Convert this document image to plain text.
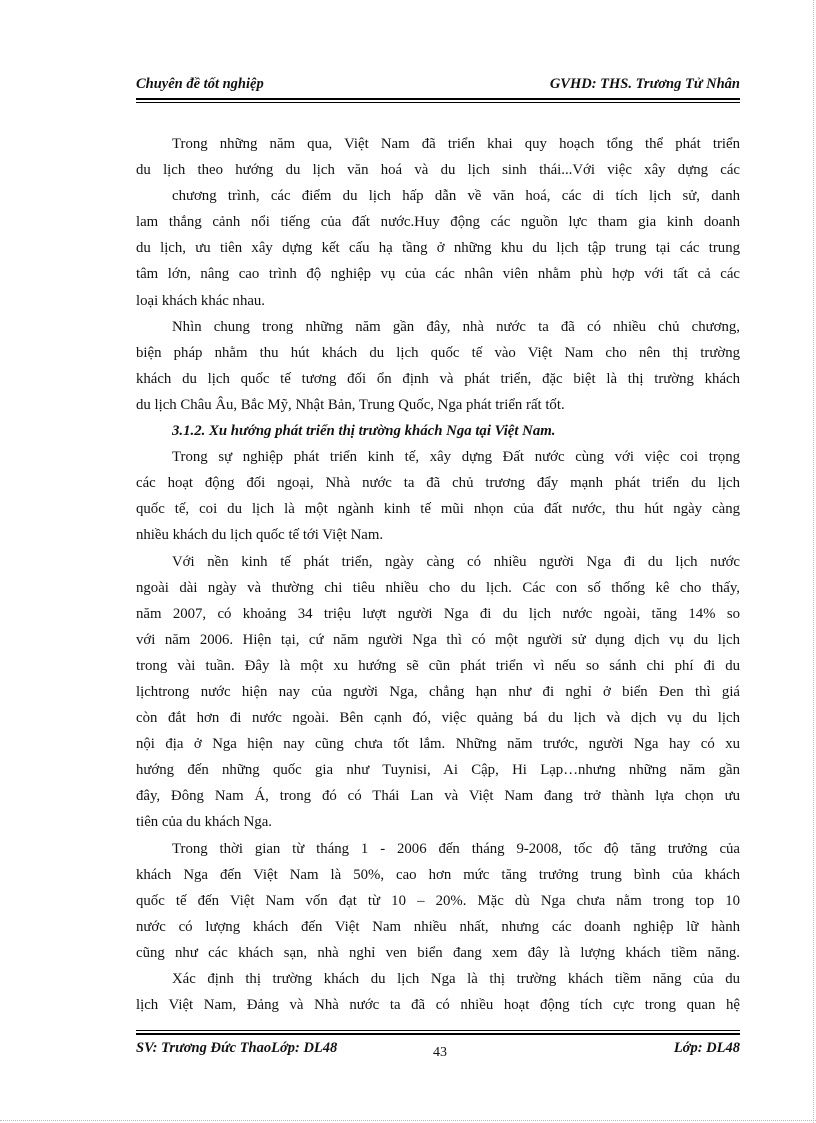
Chuyên đề tốt nghiệp	GVHD: THS. Trương Tử Nhân
Trong những năm qua, Việt Nam đã triển khai quy hoạch tổng thể phát triển
du lịch theo hướng du lịch văn hoá và du lịch sinh thái...Với việc xây dựng các
chương trình, các điểm du lịch hấp dẫn về văn hoá, các di tích lịch sử, danh
lam thắng cảnh nổi tiếng của đất nước.Huy động các nguồn lực tham gia kinh doanh
du lịch, ưu tiên xây dựng kết cấu hạ tầng ở những khu du lịch tập trung tại các trung
tâm lớn, nâng cao trình độ nghiệp vụ của các nhân viên nhằm phù hợp với tất cả các
loại khách khác nhau.
Nhìn chung trong những năm gần đây, nhà nước ta đã có nhiều chủ chương,
biện pháp nhằm thu hút khách du lịch quốc tế vào Việt Nam cho nên thị trường
khách du lịch quốc tế tương đối ổn định và phát triển, đặc biệt là thị trường khách
du lịch Châu Âu, Bắc Mỹ, Nhật Bản, Trung Quốc, Nga phát triển rất tốt.
3.1.2. Xu hướng phát triển thị trường khách Nga tại Việt Nam.
Trong sự nghiệp phát triển kinh tế, xây dựng Đất nước cùng với việc coi trọng
các hoạt động đối ngoại, Nhà nước ta đã chủ trương đẩy mạnh phát triển du lịch
quốc tế, coi du lịch là một ngành kinh tế mũi nhọn của đất nước, thu hút ngày càng
nhiều khách du lịch quốc tế tới Việt Nam.
Với nền kinh tế phát triển, ngày càng có nhiều người Nga đi du lịch nước
ngoài dài ngày và thường chi tiêu nhiều cho du lịch. Các con số thống kê cho thấy,
năm 2007, có khoảng 34 triệu lượt người Nga đi du lịch nước ngoài, tăng 14% so
với năm 2006. Hiện tại, cứ năm người Nga thì có một người sử dụng dịch vụ du lịch
trong vài tuần. Đây là một xu hướng sẽ cũn phát triển vì nếu so sánh chi phí đi du
lịchtrong nước hiện nay của người Nga, chẳng hạn như đi nghỉ ở biển Đen thì giá
còn đắt hơn đi nước ngoài. Bên cạnh đó, việc quảng bá du lịch và dịch vụ du lịch
nội địa ở Nga hiện nay cũng chưa tốt lắm. Những năm trước, người Nga hay có xu
hướng đến những quốc gia như Tuynisi, Ai Cập, Hi Lạp…nhưng những năm gần
đây, Đông Nam Á, trong đó có Thái Lan và Việt Nam đang trở thành lựa chọn ưu
tiên của du khách Nga.
Trong thời gian từ tháng 1 - 2006 đến tháng 9-2008, tốc độ tăng trưởng của
khách Nga đến Việt Nam là 50%, cao hơn mức tăng trưởng trung bình của khách
quốc tế đến Việt Nam vốn đạt từ 10 – 20%. Mặc dù Nga chưa nằm trong top 10
nước có lượng khách đến Việt Nam nhiều nhất, nhưng các doanh nghiệp lữ hành
cũng như các khách sạn, nhà nghỉ ven biển đang xem đây là lượng khách tiềm năng.
Xác định thị trường khách du lịch Nga là thị trường khách tiềm năng của du
lịch Việt Nam, Đảng và Nhà nước ta đã có nhiều hoạt động tích cực trong quan hệ
SV: Trương Đức ThaoLớp: DL48	43	Lớp: DL48
